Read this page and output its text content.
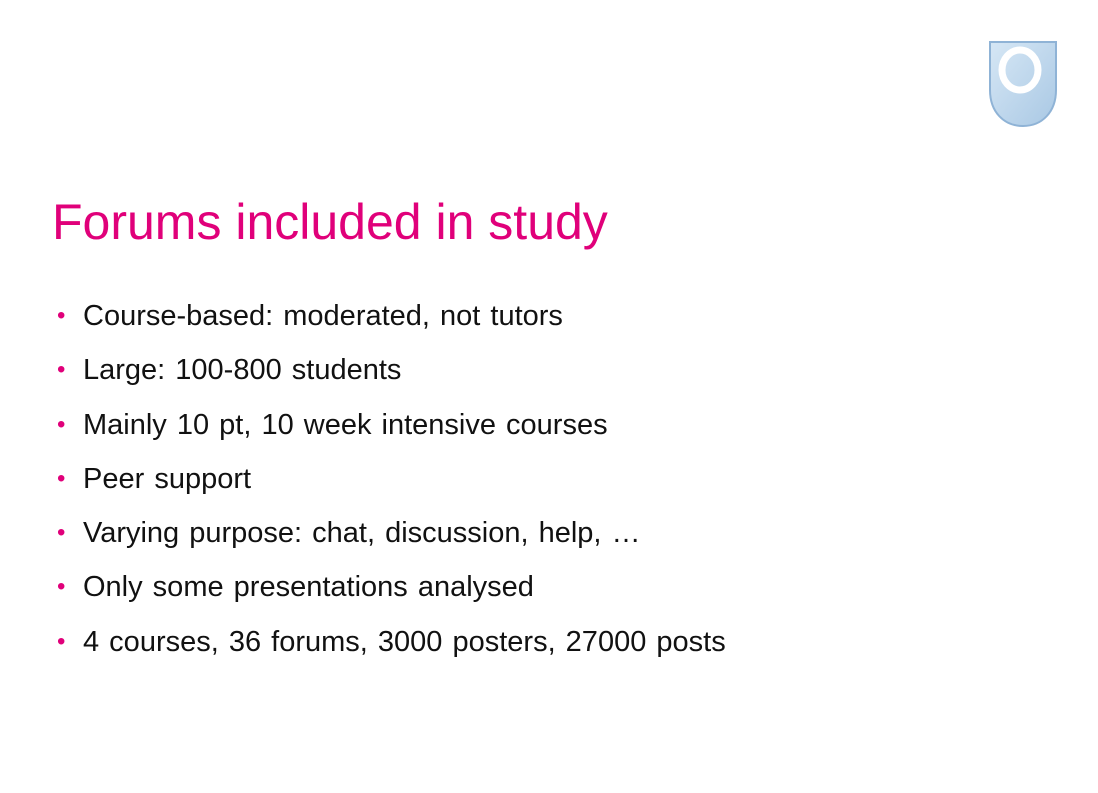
Forums included in study
• Course-based: moderated, not tutors
• Large: 100-800 students
• Mainly 10 pt, 10 week intensive courses
• Peer support
• Varying purpose: chat, discussion, help, …
• Only some presentations analysed
• 4 courses, 36 forums, 3000 posters, 27000 posts
